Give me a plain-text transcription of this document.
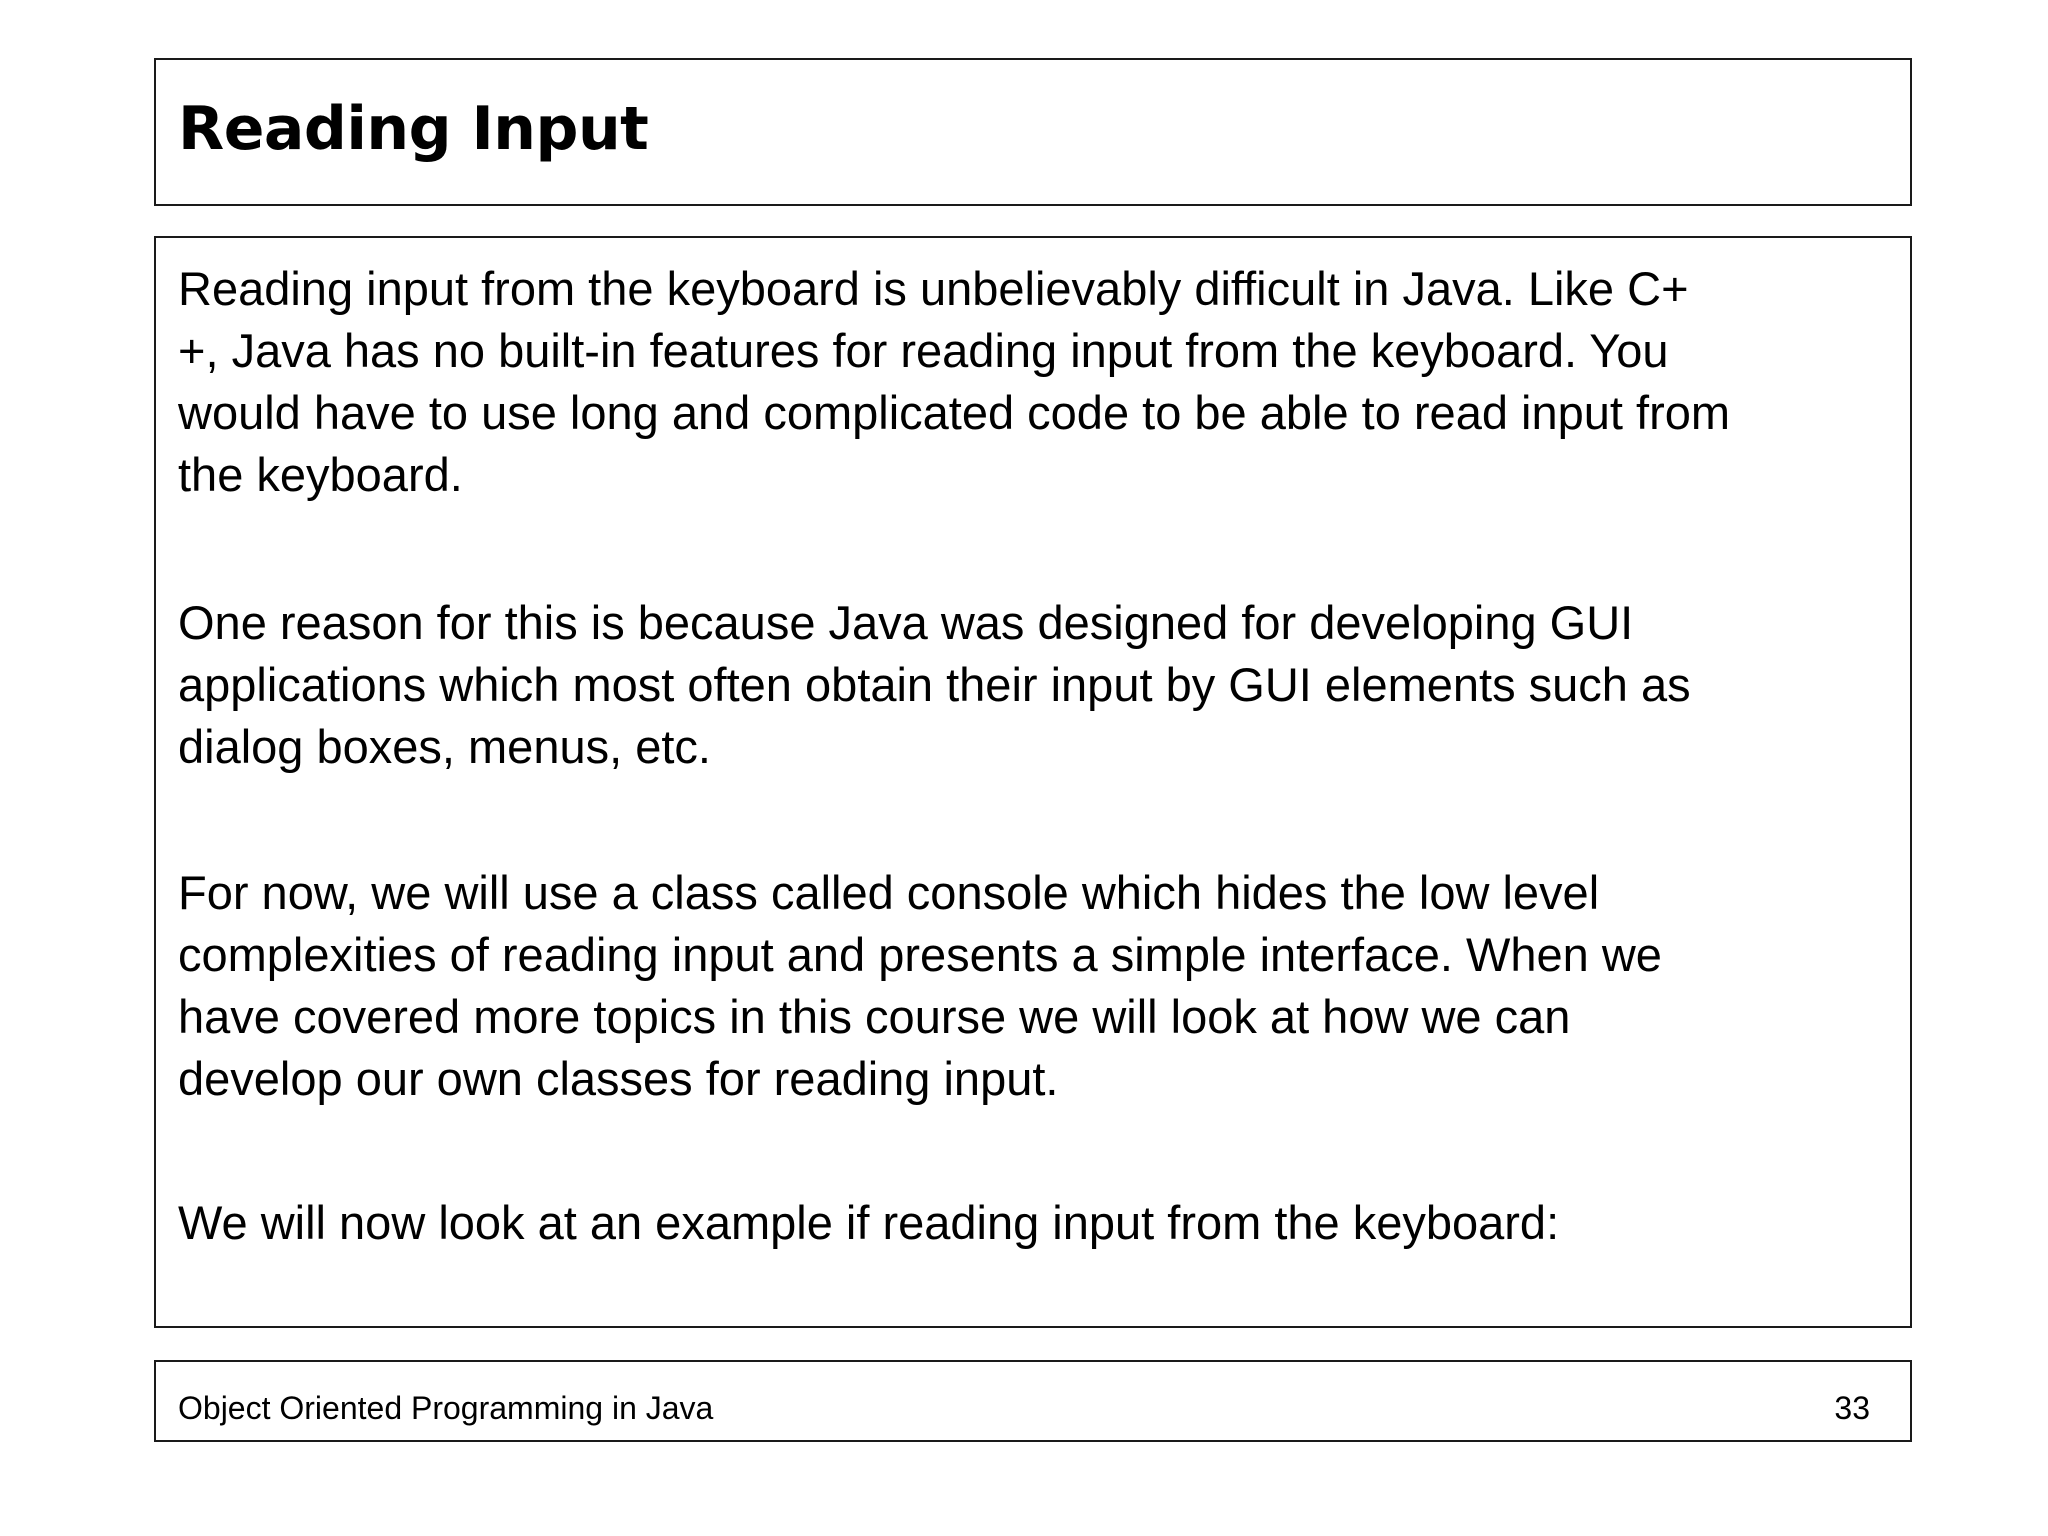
Reading Input

Reading input from the keyboard is unbelievably difficult in Java. Like C+
+, Java has no built-in features for reading input from the keyboard. You
would have to use long and complicated code to be able to read input from
the keyboard.

One reason for this is because Java was designed for developing GUI
applications which most often obtain their input by GUI elements such as
dialog boxes, menus, etc.

For now, we will use a class called console which hides the low level
complexities of reading input and presents a simple interface. When we
have covered more topics in this course we will look at how we can
develop our own classes for reading input.

We will now look at an example if reading input from the keyboard:

Object Oriented Programming in Java	33
